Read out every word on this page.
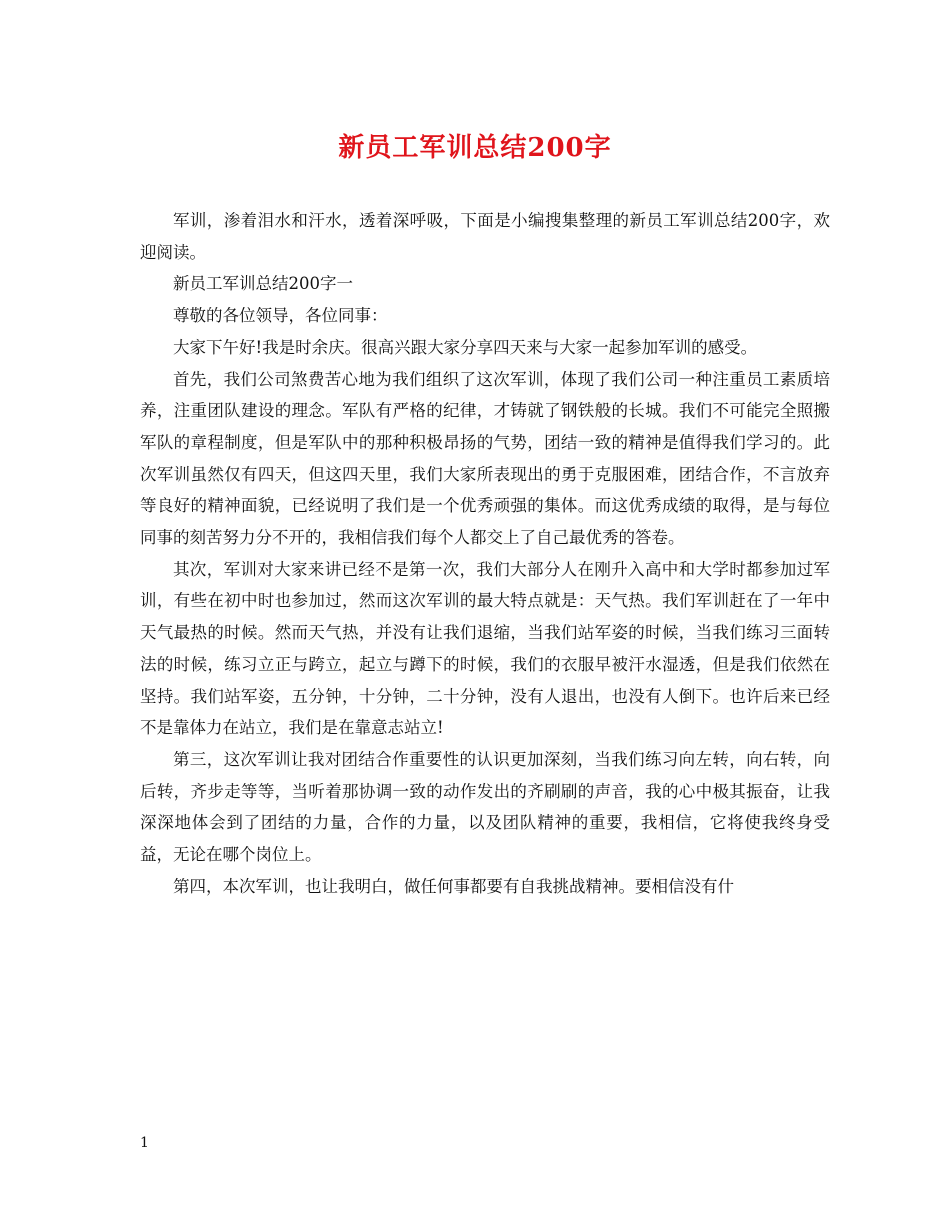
新员工军训总结200字

军训，渗着泪水和汗水，透着深呼吸，下面是小编搜集整理的新员工军训总结200字，欢迎阅读。

新员工军训总结200字一

尊敬的各位领导，各位同事：

大家下午好!我是时余庆。很高兴跟大家分享四天来与大家一起参加军训的感受。

首先，我们公司煞费苦心地为我们组织了这次军训，体现了我们公司一种注重员工素质培养，注重团队建设的理念。军队有严格的纪律，才铸就了钢铁般的长城。我们不可能完全照搬军队的章程制度，但是军队中的那种积极昂扬的气势，团结一致的精神是值得我们学习的。此次军训虽然仅有四天，但这四天里，我们大家所表现出的勇于克服困难，团结合作，不言放弃等良好的精神面貌，已经说明了我们是一个优秀顽强的集体。而这优秀成绩的取得，是与每位同事的刻苦努力分不开的，我相信我们每个人都交上了自己最优秀的答卷。

其次，军训对大家来讲已经不是第一次，我们大部分人在刚升入高中和大学时都参加过军训，有些在初中时也参加过，然而这次军训的最大特点就是：天气热。我们军训赶在了一年中天气最热的时候。然而天气热，并没有让我们退缩，当我们站军姿的时候，当我们练习三面转法的时候，练习立正与跨立，起立与蹲下的时候，我们的衣服早被汗水湿透，但是我们依然在坚持。我们站军姿，五分钟，十分钟，二十分钟，没有人退出，也没有人倒下。也许后来已经不是靠体力在站立，我们是在靠意志站立!

第三，这次军训让我对团结合作重要性的认识更加深刻，当我们练习向左转，向右转，向后转，齐步走等等，当听着那协调一致的动作发出的齐刷刷的声音，我的心中极其振奋，让我深深地体会到了团结的力量，合作的力量，以及团队精神的重要，我相信，它将使我终身受益，无论在哪个岗位上。

第四，本次军训，也让我明白，做任何事都要有自我挑战精神。要相信没有什

1
